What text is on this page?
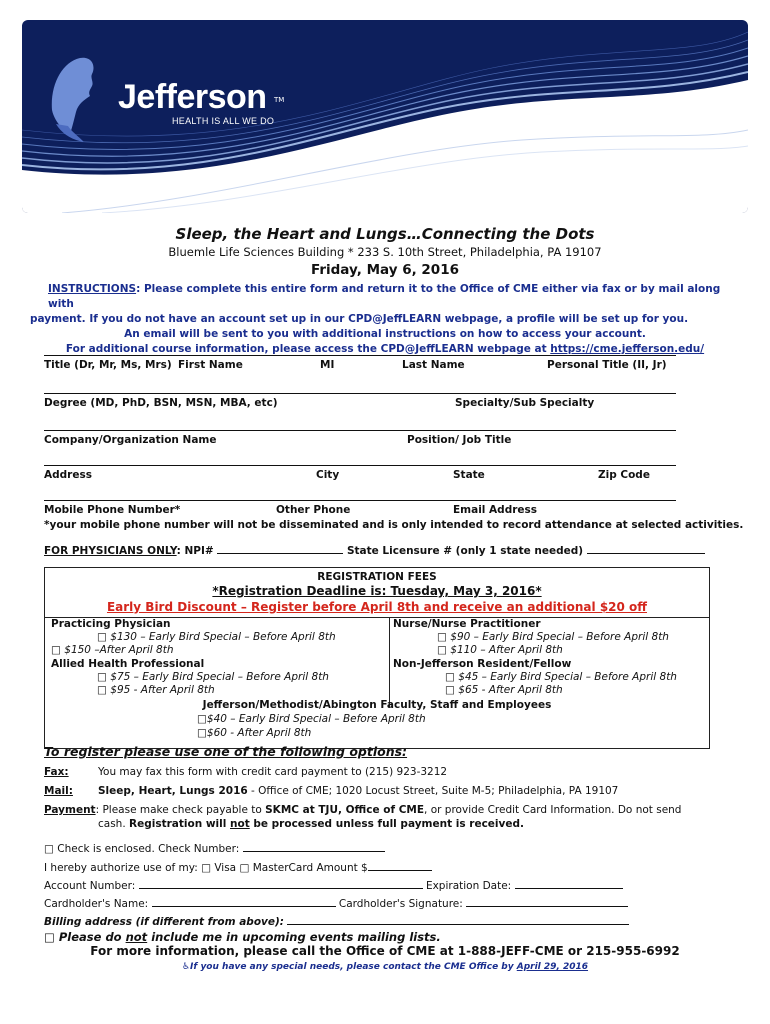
Jefferson TM
HEALTH IS ALL WE DO
Sleep, the Heart and Lungs…Connecting the Dots
Bluemle Life Sciences Building * 233 S. 10th Street, Philadelphia, PA 19107
Friday, May 6, 2016
INSTRUCTIONS: Please complete this entire form and return it to the Office of CME either via fax or by mail along with
payment. If you do not have an account set up in our CPD@JeffLEARN webpage, a profile will be set up for you.
An email will be sent to you with additional instructions on how to access your account.
For additional course information, please access the CPD@JeffLEARN webpage at https://cme.jefferson.edu/
Title (Dr, Mr, Ms, Mrs) First Name	MI	Last Name	Personal Title (II, Jr)
Degree (MD, PhD, BSN, MSN, MBA, etc)	Specialty/Sub Specialty
Company/Organization Name	Position/ Job Title
Address	City	State	Zip Code
Mobile Phone Number*	Other Phone	Email Address
*your mobile phone number will not be disseminated and is only intended to record attendance at selected activities.
FOR PHYSICIANS ONLY: NPI#	State Licensure # (only 1 state needed)
REGISTRATION FEES
*Registration Deadline is: Tuesday, May 3, 2016*
Early Bird Discount – Register before April 8th and receive an additional $20 off
Practicing Physician
□ $130 – Early Bird Special – Before April 8th
□ $150 –After April 8th
Nurse/Nurse Practitioner
□ $90 – Early Bird Special – Before April 8th
□ $110 – After April 8th
Allied Health Professional
□ $75 – Early Bird Special – Before April 8th
□ $95 - After April 8th
Non-Jefferson Resident/Fellow
□ $45 – Early Bird Special – Before April 8th
□ $65 - After April 8th
Jefferson/Methodist/Abington Faculty, Staff and Employees
□$40 – Early Bird Special – Before April 8th
□$60 - After April 8th
To register please use one of the following options:
Fax:	You may fax this form with credit card payment to (215) 923-3212
Mail: Sleep, Heart, Lungs 2016 - Office of CME; 1020 Locust Street, Suite M-5; Philadelphia, PA 19107
Payment: Please make check payable to SKMC at TJU, Office of CME, or provide Credit Card Information. Do not send
cash. Registration will not be processed unless full payment is received.
□ Check is enclosed. Check Number:
I hereby authorize use of my: □ Visa □ MasterCard Amount $
Account Number:	Expiration Date:
Cardholder's Name:	Cardholder's Signature:
Billing address (if different from above):
□ Please do not include me in upcoming events mailing lists.
For more information, please call the Office of CME at 1-888-JEFF-CME or 215-955-6992
♿If you have any special needs, please contact the CME Office by April 29, 2016
